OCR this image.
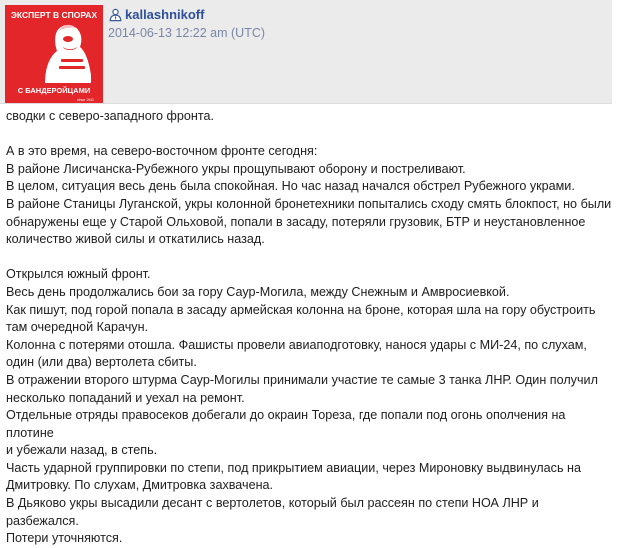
ЭКСПЕРТ В СПОРАХ
С БАНДЕРОЙЦАМИ
since 1941
kallashnikoff
2014-06-13 12:22 am (UTC)

сводки с северо-западного фронта.

А в это время, на северо-восточном фронте сегодня:

В районе Лисичанска-Рубежного укры прощупывают оборону и постреливают.

В целом, ситуация весь день была спокойная. Но час назад начался обстрел Рубежного украми.

В районе Станицы Луганской, укры колонной бронетехники попытались сходу смять блокпост, но были

обнаружены еще у Старой Ольховой, попали в засаду, потеряли грузовик, БТР и неустановленное

количество живой силы и откатились назад.

Открылся южный фронт.

Весь день продолжались бои за гору Саур-Могила, между Снежным и Амвросиевкой.

Как пишут, под горой попала в засаду армейская колонна на броне, которая шла на гору обустроить

там очередной Карачун.

Колонна с потерями отошла. Фашисты провели авиаподготовку, нанося удары с МИ-24, по слухам,

один (или два) вертолета сбиты.

В отражении второго штурма Саур-Могилы принимали участие те самые 3 танка ЛНР. Один получил

несколько попаданий и уехал на ремонт.

Отдельные отряды правосеков добегали до окраин Тореза, где попали под огонь ополчения на плотине

и убежали назад, в степь.

Часть ударной группировки по степи, под прикрытием авиации, через Мироновку выдвинулась на

Дмитровку. По слухам, Дмитровка захвачена.

В Дьяково укры высадили десант с вертолетов, который был рассеян по степи НОА ЛНР и разбежался.

Потери уточняются.
